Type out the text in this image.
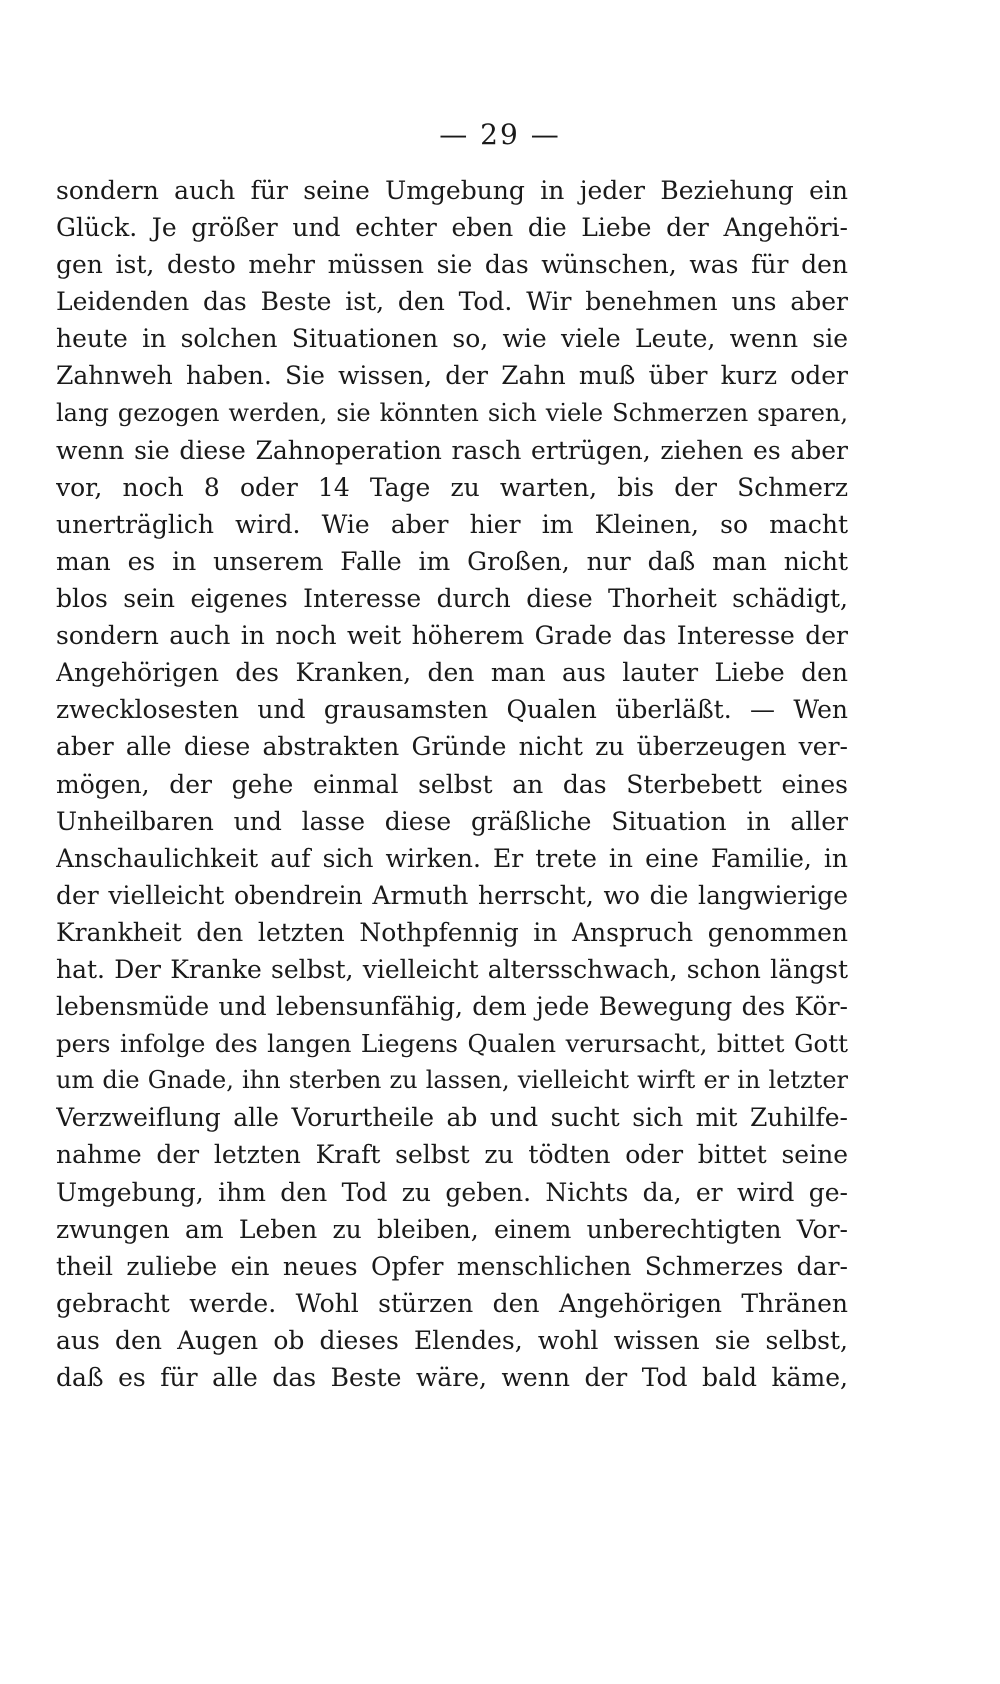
— 29 —
sondern auch für seine Umgebung in jeder Beziehung ein
Glück. Je größer und echter eben die Liebe der Angehöri-
gen ist, desto mehr müssen sie das wünschen, was für den
Leidenden das Beste ist, den Tod. Wir benehmen uns aber
heute in solchen Situationen so, wie viele Leute, wenn sie
Zahnweh haben. Sie wissen, der Zahn muß über kurz oder
lang gezogen werden, sie könnten sich viele Schmerzen sparen,
wenn sie diese Zahnoperation rasch ertrügen, ziehen es aber
vor, noch 8 oder 14 Tage zu warten, bis der Schmerz
unerträglich wird. Wie aber hier im Kleinen, so macht
man es in unserem Falle im Großen, nur daß man nicht
blos sein eigenes Interesse durch diese Thorheit schädigt,
sondern auch in noch weit höherem Grade das Interesse der
Angehörigen des Kranken, den man aus lauter Liebe den
zwecklosesten und grausamsten Qualen überläßt. — Wen
aber alle diese abstrakten Gründe nicht zu überzeugen ver-
mögen, der gehe einmal selbst an das Sterbebett eines
Unheilbaren und lasse diese gräßliche Situation in aller
Anschaulichkeit auf sich wirken. Er trete in eine Familie, in
der vielleicht obendrein Armuth herrscht, wo die langwierige
Krankheit den letzten Nothpfennig in Anspruch genommen
hat. Der Kranke selbst, vielleicht altersschwach, schon längst
lebensmüde und lebensunfähig, dem jede Bewegung des Kör-
pers infolge des langen Liegens Qualen verursacht, bittet Gott
um die Gnade, ihn sterben zu lassen, vielleicht wirft er in letzter
Verzweiflung alle Vorurtheile ab und sucht sich mit Zuhilfe-
nahme der letzten Kraft selbst zu tödten oder bittet seine
Umgebung, ihm den Tod zu geben. Nichts da, er wird ge-
zwungen am Leben zu bleiben, einem unberechtigten Vor-
theil zuliebe ein neues Opfer menschlichen Schmerzes dar-
gebracht werde. Wohl stürzen den Angehörigen Thränen
aus den Augen ob dieses Elendes, wohl wissen sie selbst,
daß es für alle das Beste wäre, wenn der Tod bald käme,
